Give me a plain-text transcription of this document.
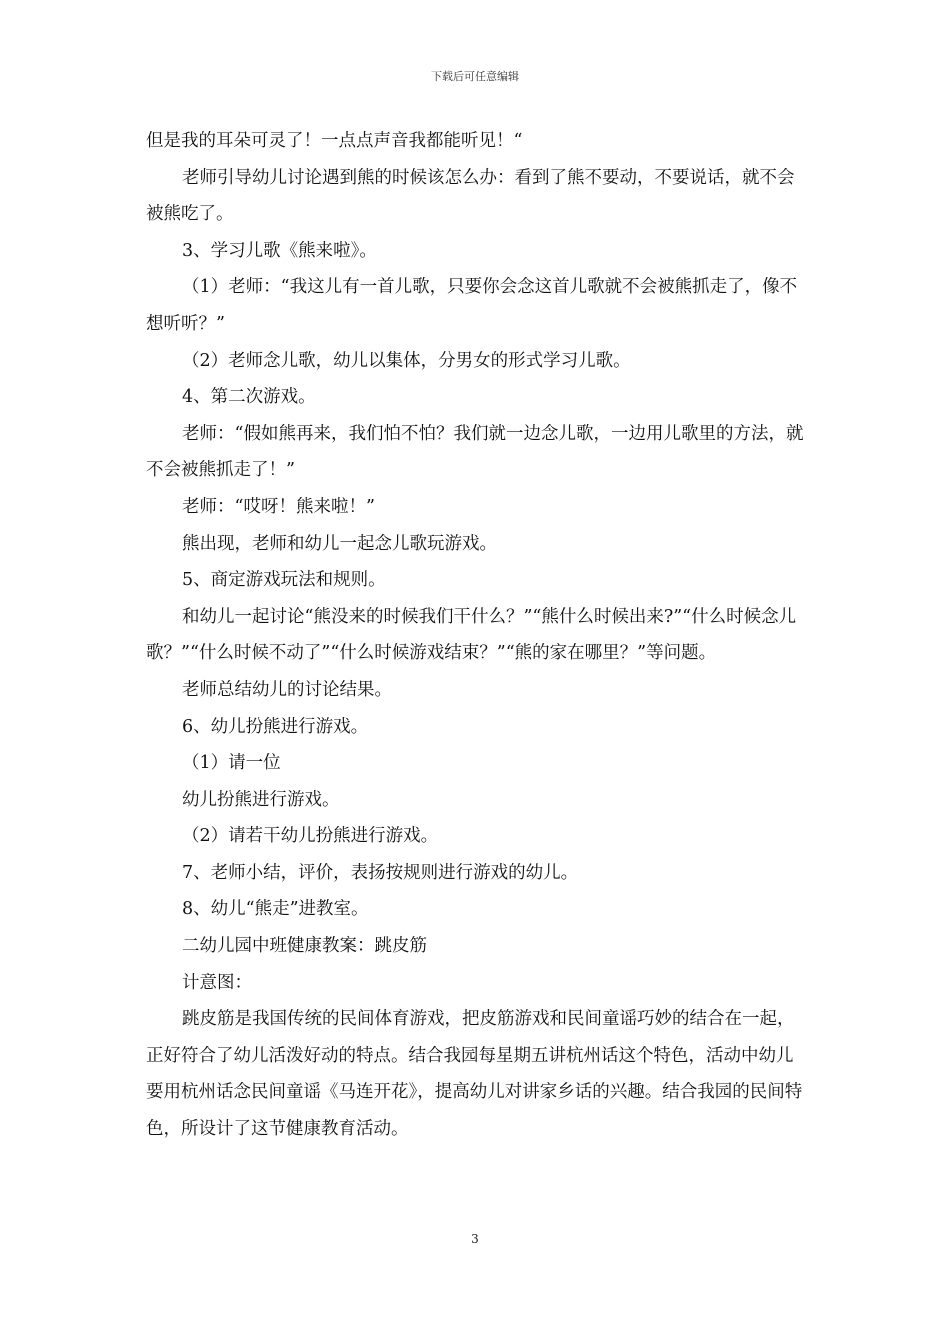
下载后可任意编辑

但是我的耳朵可灵了！一点点声音我都能听见！“

老师引导幼儿讨论遇到熊的时候该怎么办：看到了熊不要动，不要说话，就不会被熊吃了。

3、学习儿歌《熊来啦》。

（1）老师：“我这儿有一首儿歌，只要你会念这首儿歌就不会被熊抓走了，像不想听听？”

（2）老师念儿歌，幼儿以集体，分男女的形式学习儿歌。

4、第二次游戏。

老师：“假如熊再来，我们怕不怕？我们就一边念儿歌，一边用儿歌里的方法，就不会被熊抓走了！”

老师：“哎呀！熊来啦！”

熊出现，老师和幼儿一起念儿歌玩游戏。

5、商定游戏玩法和规则。

和幼儿一起讨论“熊没来的时候我们干什么？”“熊什么时候出来?”“什么时候念儿歌？”“什么时候不动了”“什么时候游戏结束？”“熊的家在哪里？”等问题。

老师总结幼儿的讨论结果。

6、幼儿扮熊进行游戏。

（1）请一位

幼儿扮熊进行游戏。

（2）请若干幼儿扮熊进行游戏。

7、老师小结，评价，表扬按规则进行游戏的幼儿。

8、幼儿“熊走”进教室。

二幼儿园中班健康教案：跳皮筋

计意图：

跳皮筋是我国传统的民间体育游戏，把皮筋游戏和民间童谣巧妙的结合在一起，正好符合了幼儿活泼好动的特点。结合我园每星期五讲杭州话这个特色，活动中幼儿要用杭州话念民间童谣《马连开花》，提高幼儿对讲家乡话的兴趣。结合我园的民间特色，所设计了这节健康教育活动。

3
